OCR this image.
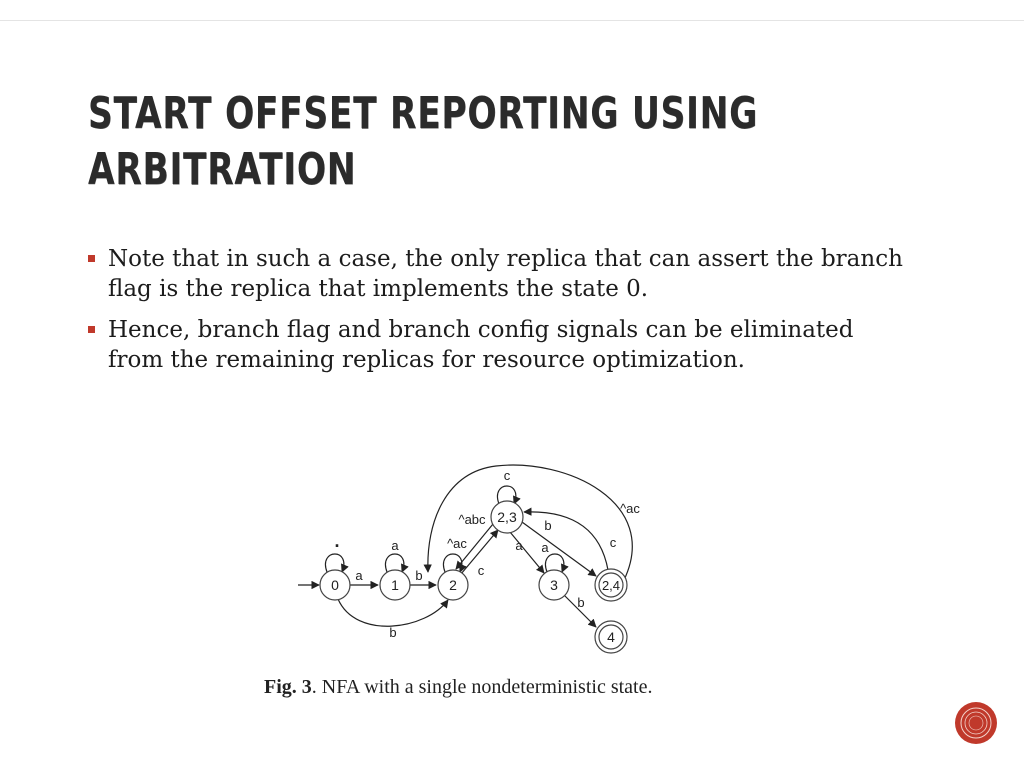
START OFFSET REPORTING USING ARBITRATION
Note that in such a case, the only replica that can assert the branch flag is the replica that implements the state 0.
Hence, branch flag and branch config signals can be eliminated from the remaining replicas for resource optimization.
0	1	2
2,3
3	2,4
4
.
a
a
b
^ac
b
c
c
^abc
a
b
a
b
c
^ac

Fig. 3. NFA with a single nondeterministic state.
